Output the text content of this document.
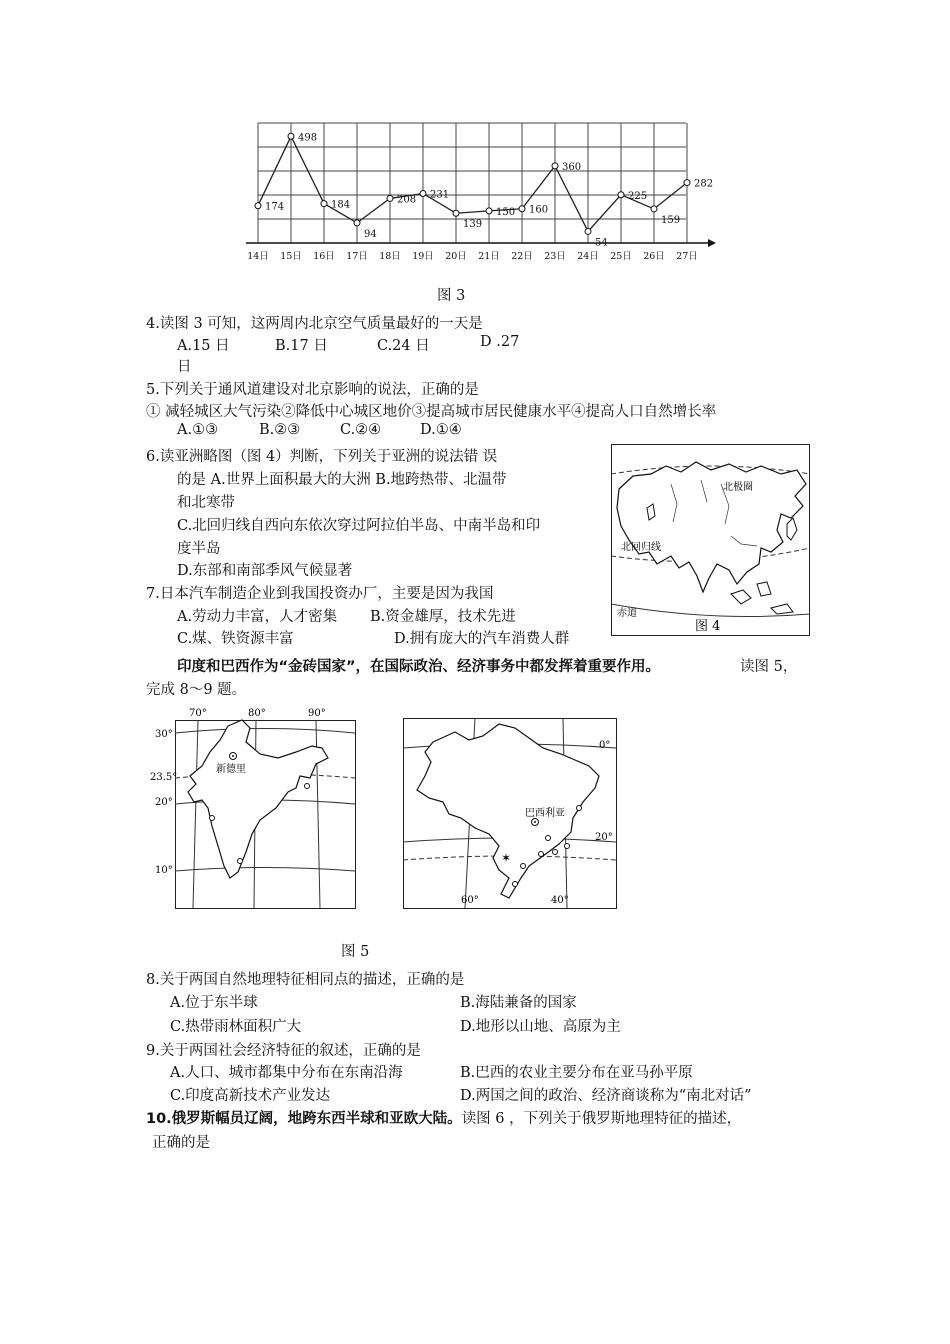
174
14日
498
15日
184
16日
94
17日
208
18日
231
19日
139
20日
150
21日
160
22日
360
23日
54
24日
225
25日
159
26日
282
27日
图 3
4.读图 3 可知，这两周内北京空气质量最好的一天是
A.15 日	B.17 日	C.24 日	D .27
日
5.下列关于通风道建设对北京影响的说法，正确的是
① 减轻城区大气污染②降低中心城区地价③提高城市居民健康水平④提高人口自然增长率
A.①③	B.②③	C.②④	D.①④
6.读亚洲略图（图 4）判断，下列关于亚洲的说法错 误
的是 A.世界上面积最大的大洲 B.地跨热带、北温带
和北寒带
C.北回归线自西向东依次穿过阿拉伯半岛、中南半岛和印
度半岛
D.东部和南部季风气候显著
北极圈
北回归线
赤道
图 4
7.日本汽车制造企业到我国投资办厂，主要是因为我国
A.劳动力丰富，人才密集 B.资金雄厚，技术先进
C.煤、铁资源丰富	D.拥有庞大的汽车消费人群
印度和巴西作为“金砖国家”，在国际政治、经济事务中都发挥着重要作用。	读图 5，
完成 8～9 题。
新德里
70°	80°	90°
30°
23.5°
20°
10°
✶
巴西利亚
0°
20°
60°	40°
图 5
8.关于两国自然地理特征相同点的描述，正确的是
A.位于东半球	B.海陆兼备的国家
C.热带雨林面积广大	D.地形以山地、高原为主
9.关于两国社会经济特征的叙述，正确的是
A.人口、城市都集中分布在东南沿海	B.巴西的农业主要分布在亚马孙平原
C.印度高新技术产业发达	D.两国之间的政治、经济商谈称为“南北对话”
10.俄罗斯幅员辽阔，地跨东西半球和亚欧大陆。读图 6 ，下列关于俄罗斯地理特征的描述，
正确的是
